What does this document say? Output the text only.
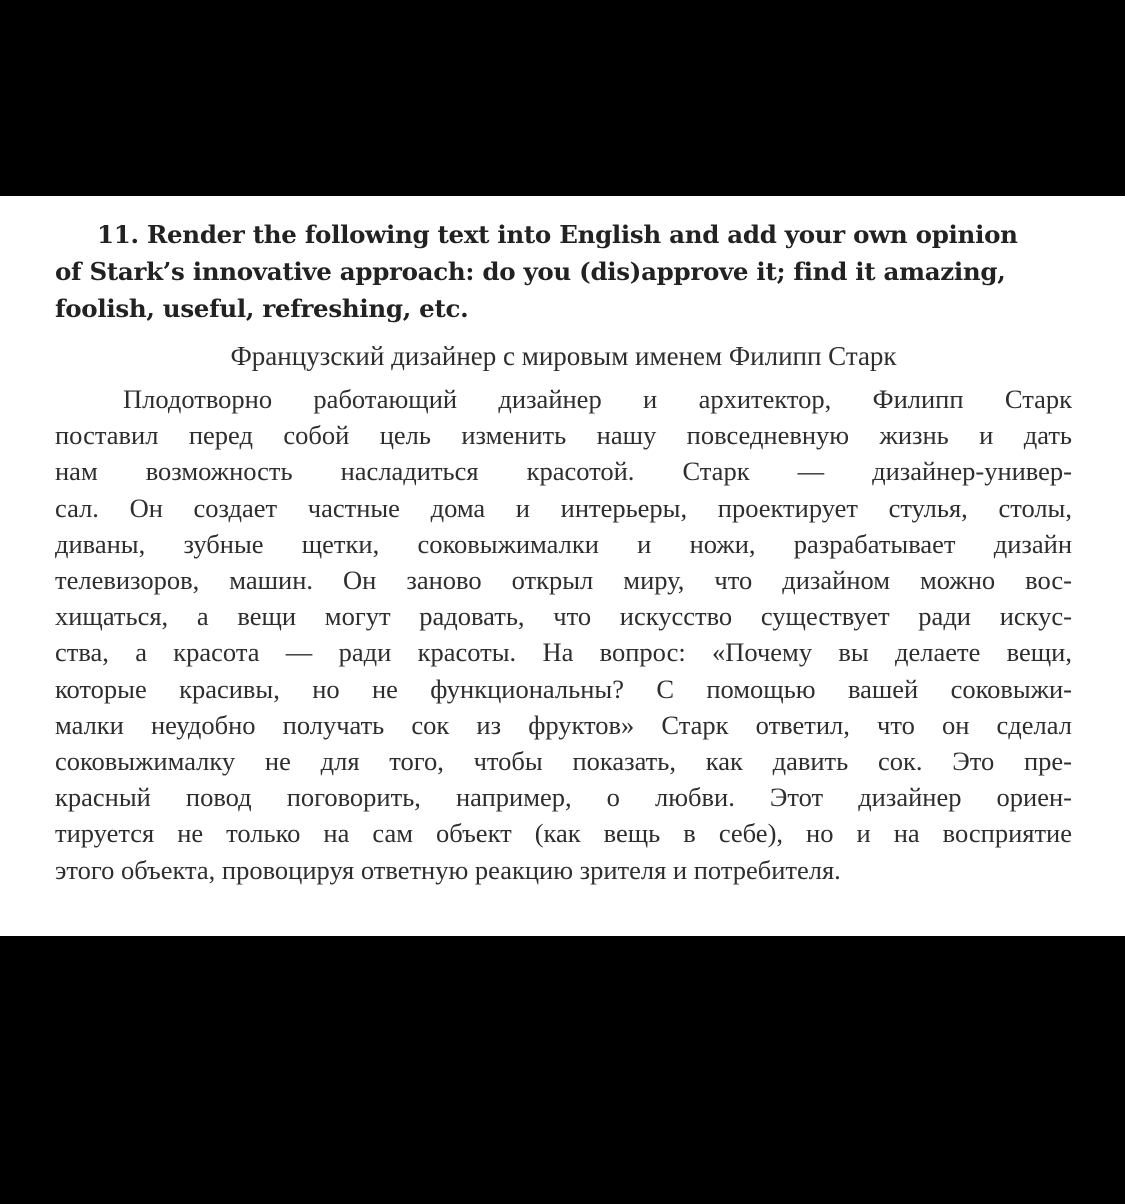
11. Render the following text into English and add your own opinion
of Stark’s innovative approach: do you (dis)approve it; find it amazing,
foolish, useful, refreshing, etc.

Французский дизайнер с мировым именем Филипп Старк

Плодотворно работающий дизайнер и архитектор, Филипп Старк
поставил перед собой цель изменить нашу повседневную жизнь и дать
нам возможность насладиться красотой. Старк — дизайнер-универ-
сал. Он создает частные дома и интерьеры, проектирует стулья, столы,
диваны, зубные щетки, соковыжималки и ножи, разрабатывает дизайн
телевизоров, машин. Он заново открыл миру, что дизайном можно вос-
хищаться, а вещи могут радовать, что искусство существует ради искус-
ства, а красота — ради красоты. На вопрос: «Почему вы делаете вещи,
которые красивы, но не функциональны? С помощью вашей соковыжи-
малки неудобно получать сок из фруктов» Старк ответил, что он сделал
соковыжималку не для того, чтобы показать, как давить сок. Это пре-
красный повод поговорить, например, о любви. Этот дизайнер ориен-
тируется не только на сам объект (как вещь в себе), но и на восприятие
этого объекта, провоцируя ответную реакцию зрителя и потребителя.
